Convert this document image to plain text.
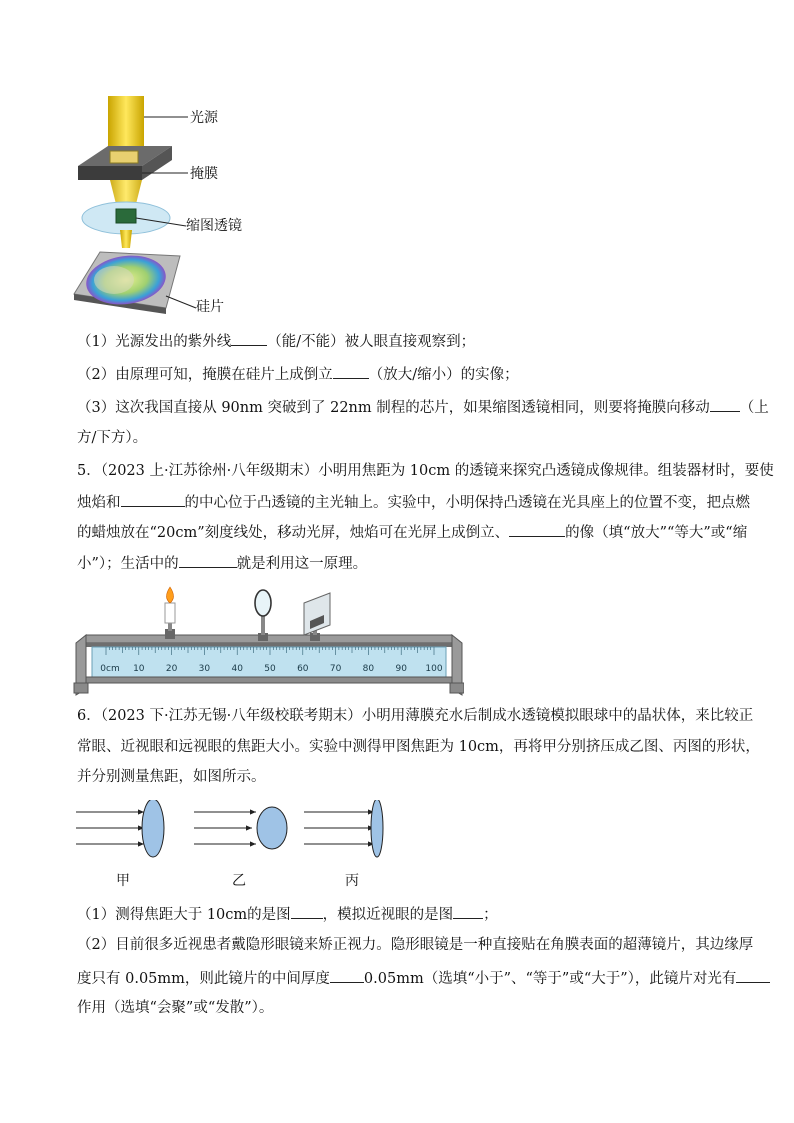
光源
掩膜
缩图透镜
硅片
（1）光源发出的紫外线 （能/不能）被人眼直接观察到；
（2）由原理可知，掩膜在硅片上成倒立 （放大/缩小）的实像；
（3）这次我国直接从 90nm 突破到了 22nm 制程的芯片，如果缩图透镜相同，则要将掩膜向移动 （上
方/下方）。
5．（2023 上·江苏徐州·八年级期末）小明用焦距为 10cm 的透镜来探究凸透镜成像规律。组装器材时，要使
烛焰和	的中心位于凸透镜的主光轴上。实验中，小明保持凸透镜在光具座上的位置不变，把点燃
的蜡烛放在“20cm”刻度线处，移动光屏，烛焰可在光屏上成倒立、	的像（填“放大”“等大”或“缩
小”）；生活中的	就是利用这一原理。
0cm 10 20 30 40 50 60 70 80 90 100
6．（2023 下·江苏无锡·八年级校联考期末）小明用薄膜充水后制成水透镜模拟眼球中的晶状体，来比较正
常眼、近视眼和远视眼的焦距大小。实验中测得甲图焦距为 10cm，再将甲分别挤压成乙图、丙图的形状，
并分别测量焦距，如图所示。
甲	乙	丙
（1）测得焦距大于 10cm的是图 ，模拟近视眼的是图 ；
（2）目前很多近视患者戴隐形眼镜来矫正视力。隐形眼镜是一种直接贴在角膜表面的超薄镜片，其边缘厚
度只有 0.05mm，则此镜片的中间厚度 0.05mm（选填“小于”、“等于”或“大于”），此镜片对光有
作用（选填“会聚”或“发散”）。
